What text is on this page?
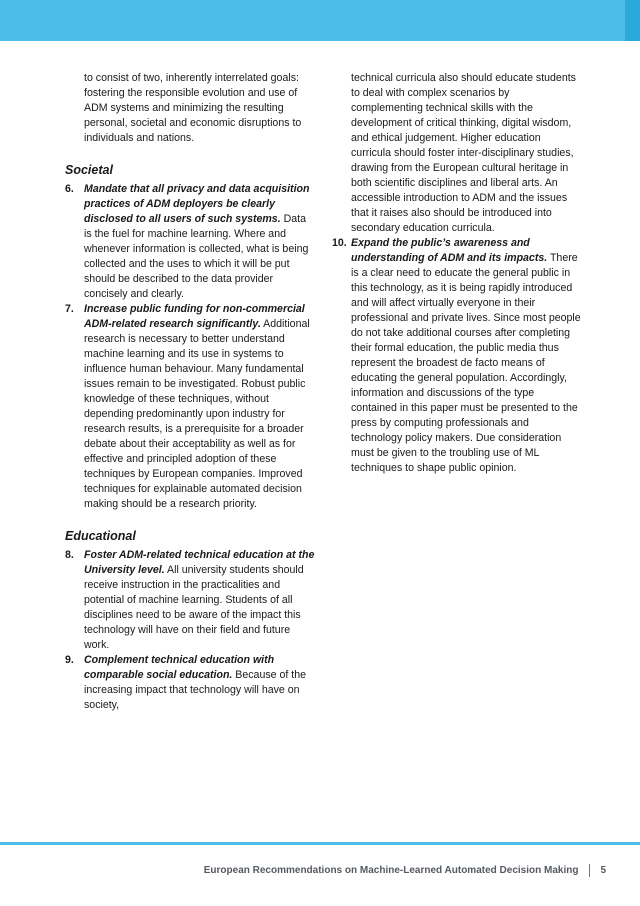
to consist of two, inherently interrelated goals: fostering the responsible evolution and use of ADM systems and minimizing the resulting personal, societal and economic disruptions to individuals and nations.

Societal

6. Mandate that all privacy and data acquisition practices of ADM deployers be clearly disclosed to all users of such systems. Data is the fuel for machine learning. Where and whenever information is collected, what is being collected and the uses to which it will be put should be described to the data provider concisely and clearly.

7. Increase public funding for non-commercial ADM-related research significantly. Additional research is necessary to better understand machine learning and its use in systems to influence human behaviour. Many fundamental issues remain to be investigated. Robust public knowledge of these techniques, without depending predominantly upon industry for research results, is a prerequisite for a broader debate about their acceptability as well as for effective and principled adoption of these techniques by European companies. Improved techniques for explainable automated decision making should be a research priority.

Educational

8. Foster ADM-related technical education at the University level. All university students should receive instruction in the practicalities and potential of machine learning. Students of all disciplines need to be aware of the impact this technology will have on their field and future work.

9. Complement technical education with comparable social education. Because of the increasing impact that technology will have on society,

technical curricula also should educate students to deal with complex scenarios by complementing technical skills with the development of critical thinking, digital wisdom, and ethical judgement. Higher education curricula should foster inter-disciplinary studies, drawing from the European cultural heritage in both scientific disciplines and liberal arts. An accessible introduction to ADM and the issues that it raises also should be introduced into secondary education curricula.

10. Expand the public’s awareness and understanding of ADM and its impacts. There is a clear need to educate the general public in this technology, as it is being rapidly introduced and will affect virtually everyone in their professional and private lives. Since most people do not take additional courses after completing their formal education, the public media thus represent the broadest de facto means of educating the general population. Accordingly, information and discussions of the type contained in this paper must be presented to the press by computing professionals and technology policy makers. Due consideration must be given to the troubling use of ML techniques to shape public opinion.

European Recommendations on Machine-Learned Automated Decision Making 5
